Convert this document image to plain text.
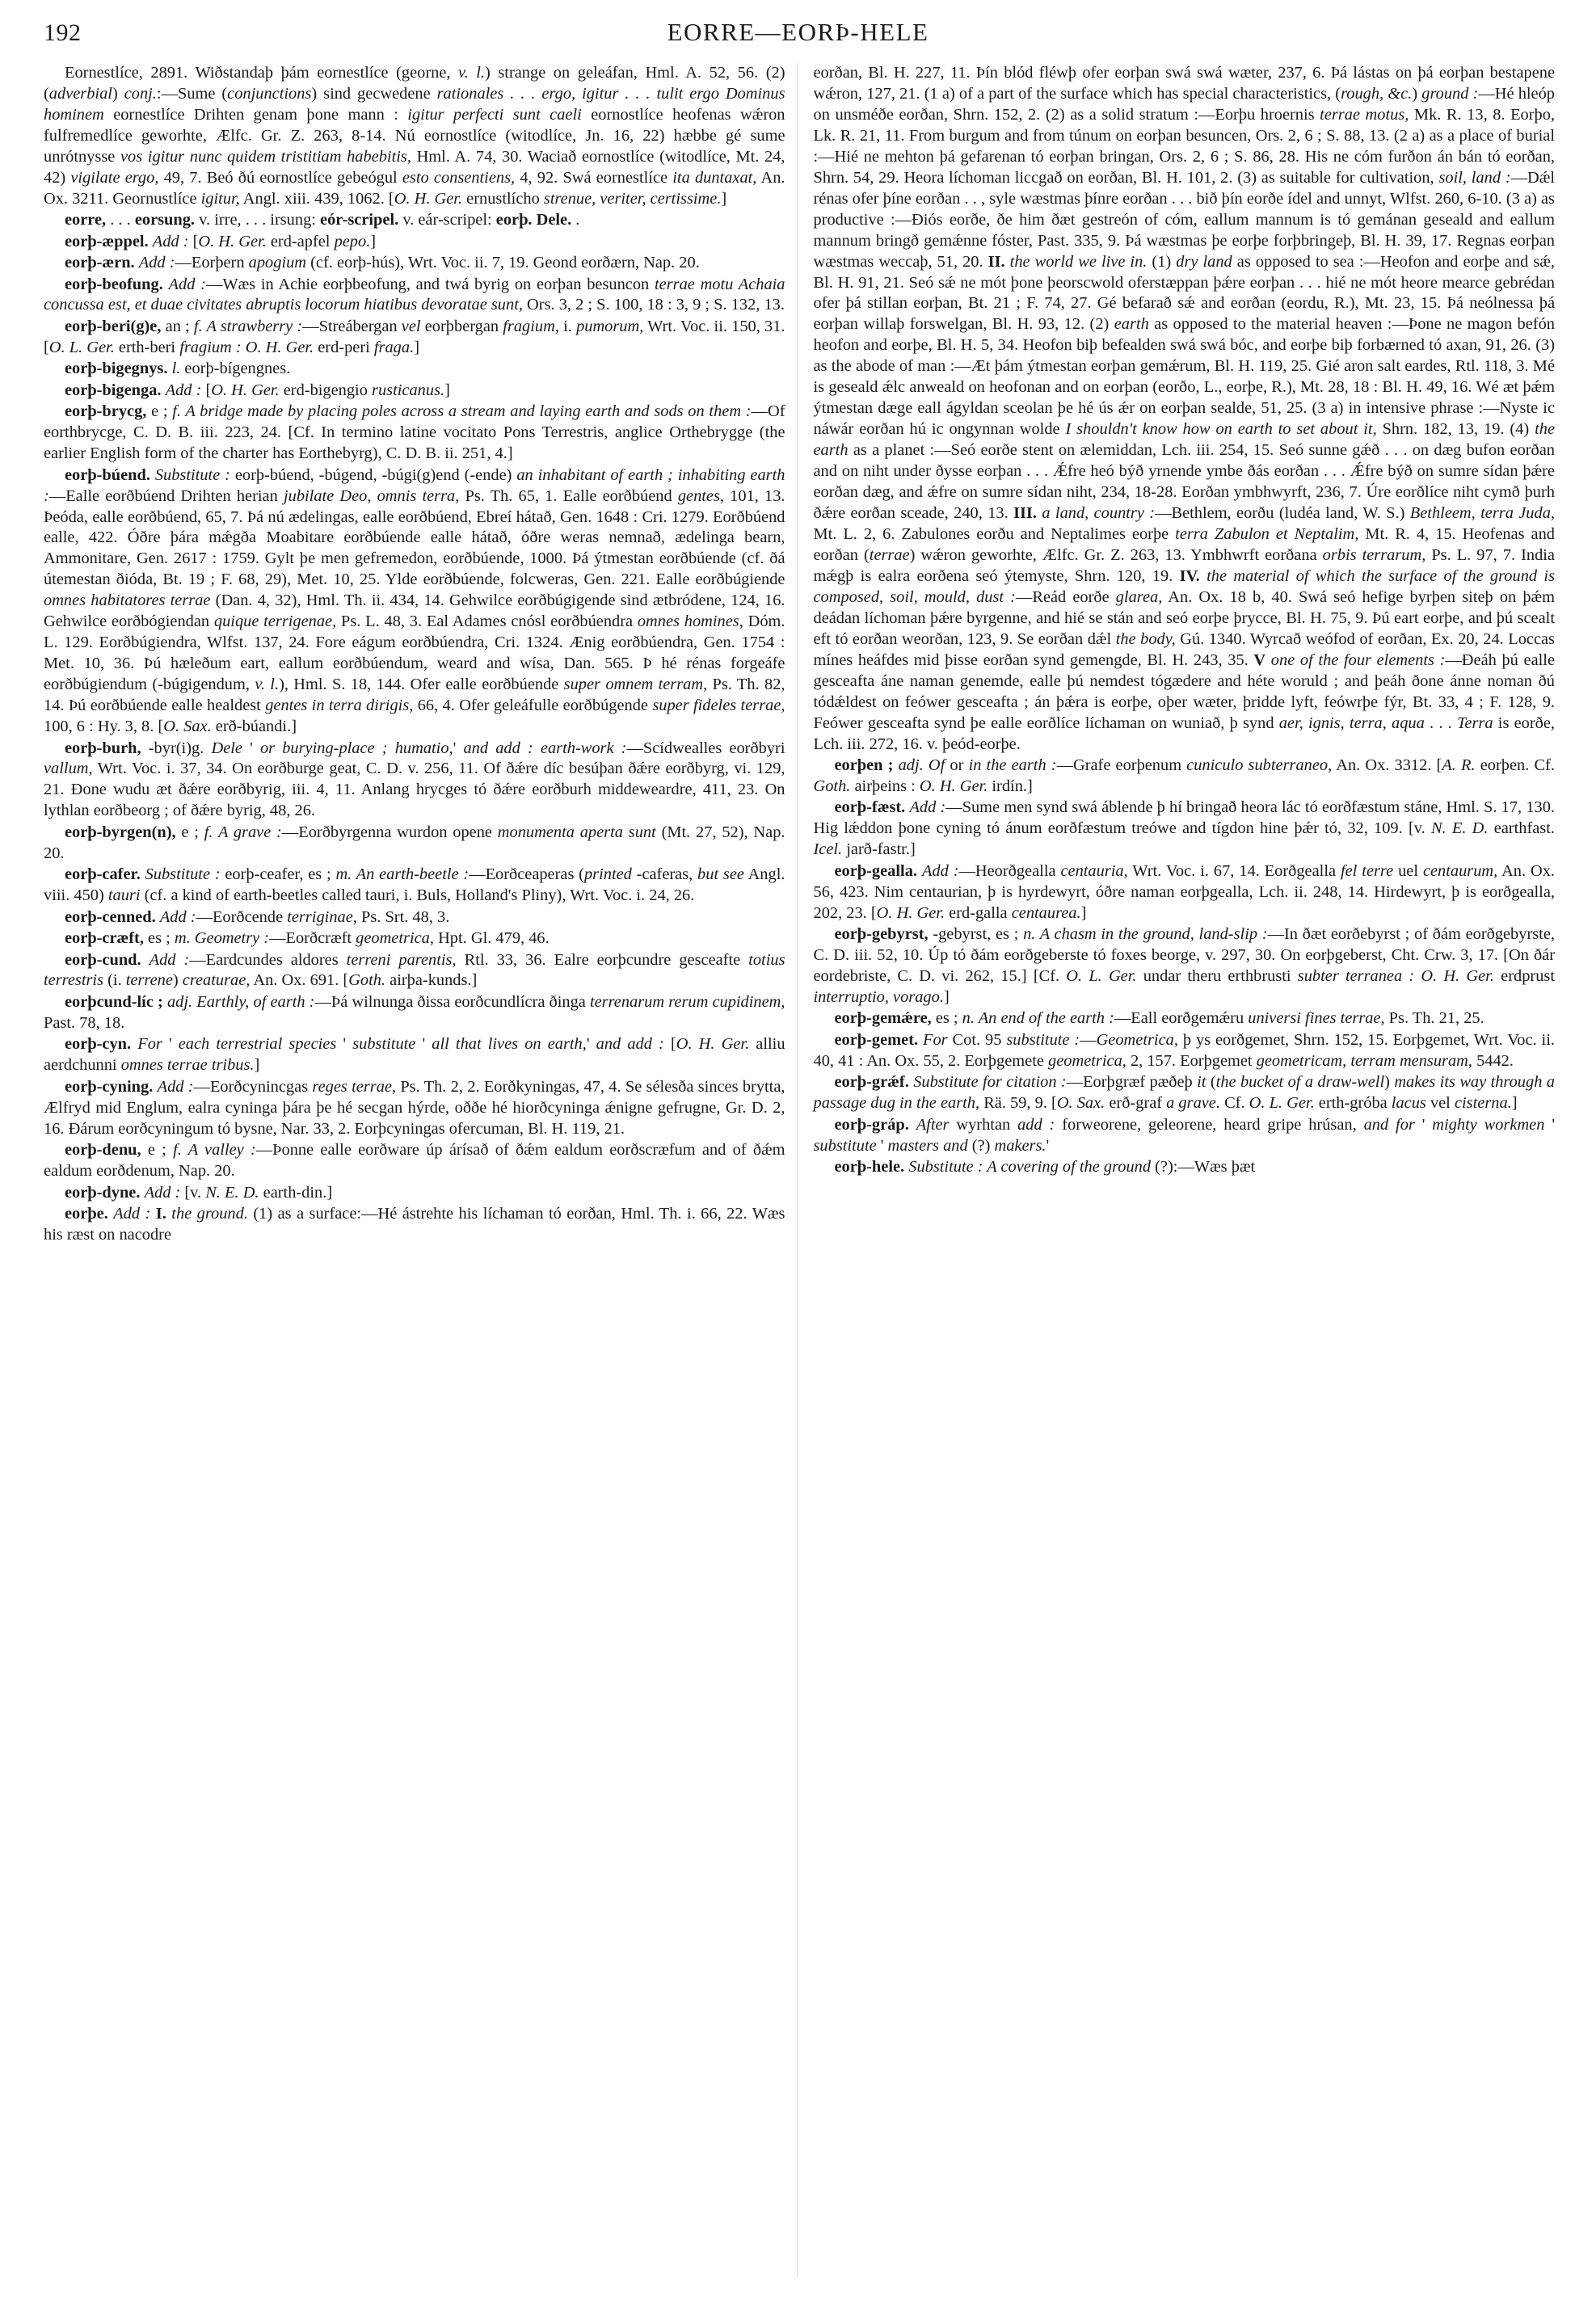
192	EORRE—EORÞ-HELE

Eornestlíce, 2891. Wiðstandaþ þám eornestlíce (georne, v. l.) strange on geleáfan, Hml. A. 52, 56. (2) (adverbial) conj.:—Sume (conjunctions) sind gecwedene rationales . . . ergo, igitur . . . tulit ergo Dominus hominem eornestlíce Drihten genam þone mann : igitur perfecti sunt caeli eornostlíce heofenas wǽron fulfremedlíce geworhte, Ælfc. Gr. Z. 263, 8-14. Nú eornostlíce (witodlíce, Jn. 16, 22) hæbbe gé sume unrótnysse vos igitur nunc quidem tristitiam habebitis, Hml. A. 74, 30. Waciað eornostlíce (witodlíce, Mt. 24, 42) vigilate ergo, 49, 7. Beó ðú eornostlíce gebeógul esto consentiens, 4, 92. Swá eornestlíce ita duntaxat, An. Ox. 3211. Geornustlíce igitur, Angl. xiii. 439, 1062. [O. H. Ger. ernustlícho strenue, veriter, certissime.]

eorre, . . . eorsung. v. irre, . . . irsung: eór-scripel. v. eár-scripel: eorþ. Dele. .

eorþ-æppel. Add : [O. H. Ger. erd-apfel pepo.]

eorþ-ærn. Add :—Eorþern apogium (cf. eorþ-hús), Wrt. Voc. ii. 7, 19. Geond eorðærn, Nap. 20.

eorþ-beofung. Add :—Wæs in Achie eorþbeofung, and twá byrig on eorþan besuncon terrae motu Achaia concussa est, et duae civitates abruptis locorum hiatibus devoratae sunt, Ors. 3, 2 ; S. 100, 18 : 3, 9 ; S. 132, 13.

eorþ-beri(g)e, an ; f. A strawberry :—Streábergan vel eorþbergan fragium, i. pumorum, Wrt. Voc. ii. 150, 31. [O. L. Ger. erth-beri fragium : O. H. Ger. erd-peri fraga.]

eorþ-bigegnys. l. eorþ-bígengnes.

eorþ-bigenga. Add : [O. H. Ger. erd-bigengio rusticanus.]

eorþ-brycg, e ; f. A bridge made by placing poles across a stream and laying earth and sods on them :—Of eorthbrycge, C. D. B. iii. 223, 24. [Cf. In termino latine vocitato Pons Terrestris, anglice Orthebrygge (the earlier English form of the charter has Eorthebyrg), C. D. B. ii. 251, 4.]

eorþ-búend. Substitute : eorþ-búend, -búgend, -búgi(g)end (-ende) an inhabitant of earth ; inhabiting earth :—Ealle eorðbúend Drihten herian jubilate Deo, omnis terra, Ps. Th. 65, 1. Ealle eorðbúend gentes, 101, 13. Þeóda, ealle eorðbúend, 65, 7. Þá nú ædelingas, ealle eorðbúend, Ebreí hátað, Gen. 1648 : Cri. 1279. Eorðbúend ealle, 422. Óðre þára mǽgða Moabitare eorðbúende ealle hátað, óðre weras nemnað, ædelinga bearn, Ammonitare, Gen. 2617 : 1759. Gylt þe men gefremedon, eorðbúende, 1000. Þá ýtmestan eorðbúende (cf. ðá útemestan ðióda, Bt. 19 ; F. 68, 29), Met. 10, 25. Ylde eorðbúende, folcweras, Gen. 221. Ealle eorðbúgiende omnes habitatores terrae (Dan. 4, 32), Hml. Th. ii. 434, 14. Gehwilce eorðbúgigende sind ætbródene, 124, 16. Gehwilce eorðbógiendan quique terrigenae, Ps. L. 48, 3. Eal Adames cnósl eorðbúendra omnes homines, Dóm. L. 129. Eorðbúgiendra, Wlfst. 137, 24. Fore eágum eorðbúendra, Cri. 1324. Ænig eorðbúendra, Gen. 1754 : Met. 10, 36. Þú hæleðum eart, eallum eorðbúendum, weard and wísa, Dan. 565. Þ hé rénas forgeáfe eorðbúgiendum (-búgigendum, v. l.), Hml. S. 18, 144. Ofer ealle eorðbúende super omnem terram, Ps. Th. 82, 14. Þú eorðbúende ealle healdest gentes in terra dirigis, 66, 4. Ofer geleáfulle eorðbúgende super fideles terrae, 100, 6 : Hy. 3, 8. [O. Sax. erð-búandi.]

eorþ-burh, -byr(i)g. Dele ' or burying-place ; humatio,' and add : earth-work :—Scídwealles eorðbyri vallum, Wrt. Voc. i. 37, 34. On eorðburge geat, C. D. v. 256, 11. Of ðǽre díc besúþan ðǽre eorðbyrg, vi. 129, 21. Ðone wudu æt ðǽre eorðbyrig, iii. 4, 11. Anlang hrycges tó ðǽre eorðburh middeweardre, 411, 23. On lythlan eorðbeorg ; of ðǽre byrig, 48, 26.

eorþ-byrgen(n), e ; f. A grave :—Eorðbyrgenna wurdon opene monumenta aperta sunt (Mt. 27, 52), Nap. 20.

eorþ-cafer. Substitute : eorþ-ceafer, es ; m. An earth-beetle :—Eorðceaperas (printed -caferas, but see Angl. viii. 450) tauri (cf. a kind of earth-beetles called tauri, i. Buls, Holland's Pliny), Wrt. Voc. i. 24, 26.

eorþ-cenned. Add :—Eorðcende terriginae, Ps. Srt. 48, 3.

eorþ-cræft, es ; m. Geometry :—Eorðcræft geometrica, Hpt. Gl. 479, 46.

eorþ-cund. Add :—Eardcundes aldores terreni parentis, Rtl. 33, 36. Ealre eorþcundre gesceafte totius terrestris (i. terrene) creaturae, An. Ox. 691. [Goth. airþa-kunds.]

eorþcund-líc ; adj. Earthly, of earth :—Þá wilnunga ðissa eorðcundlícra ðinga terrenarum rerum cupidinem, Past. 78, 18.

eorþ-cyn. For ' each terrestrial species ' substitute ' all that lives on earth,' and add : [O. H. Ger. alliu aerdchunni omnes terrae tribus.]

eorþ-cyning. Add :—Eorðcynincgas reges terrae, Ps. Th. 2, 2. Eorðkyningas, 47, 4. Se sélesða sinces brytta, Ælfryd mid Englum, ealra cyninga þára þe hé secgan hýrde, oððe hé hiorðcyninga ǽnigne gefrugne, Gr. D. 2, 16. Ðárum eorðcyningum tó bysne, Nar. 33, 2. Eorþcyningas ofercuman, Bl. H. 119, 21.

eorþ-denu, e ; f. A valley :—Þonne ealle eorðware úp árísað of ðǽm ealdum eorðscræfum and of ðǽm ealdum eorðdenum, Nap. 20.

eorþ-dyne. Add : [v. N. E. D. earth-din.]

eorþe. Add : I. the ground. (1) as a surface:—Hé ástrehte his líchaman tó eorðan, Hml. Th. i. 66, 22. Wæs his ræst on nacodre

eorðan, Bl. H. 227, 11. Þín blód fléwþ ofer eorþan swá swá wæter, 237, 6. Þá lástas on þá eorþan bestapene wǽron, 127, 21. (1 a) of a part of the surface which has special characteristics, (rough, &c.) ground :—Hé hleóp on unsméðe eorðan, Shrn. 152, 2. (2) as a solid stratum :—Eorþu hroernis terrae motus, Mk. R. 13, 8. Eorþo, Lk. R. 21, 11. From burgum and from túnum on eorþan besuncen, Ors. 2, 6 ; S. 88, 13. (2 a) as a place of burial :—Hié ne mehton þá gefarenan tó eorþan bringan, Ors. 2, 6 ; S. 86, 28. His ne cóm furðon án bán tó eorðan, Shrn. 54, 29. Heora líchoman liccgað on eorðan, Bl. H. 101, 2. (3) as suitable for cultivation, soil, land :—Dǽl rénas ofer þíne eorðan . . , syle wæstmas þínre eorðan . . . bið þín eorðe ídel and unnyt, Wlfst. 260, 6-10. (3 a) as productive :—Ðiós eorðe, ðe him ðæt gestreón of cóm, eallum mannum is tó gemánan geseald and eallum mannum bringð gemǽnne fóster, Past. 335, 9. Þá wæstmas þe eorþe forþbringeþ, Bl. H. 39, 17. Regnas eorþan wæstmas weccaþ, 51, 20. II. the world we live in. (1) dry land as opposed to sea :—Heofon and eorþe and sǽ, Bl. H. 91, 21. Seó sǽ ne mót þone þeorscwold oferstæppan þǽre eorþan . . . hié ne mót heore mearce gebrédan ofer þá stillan eorþan, Bt. 21 ; F. 74, 27. Gé befarað sǽ and eorðan (eordu, R.), Mt. 23, 15. Þá neólnessa þá eorþan willaþ forswelgan, Bl. H. 93, 12. (2) earth as opposed to the material heaven :—Þone ne magon befón heofon and eorþe, Bl. H. 5, 34. Heofon biþ befealden swá swá bóc, and eorþe biþ forbærned tó axan, 91, 26. (3) as the abode of man :—Æt þám ýtmestan eorþan gemǽrum, Bl. H. 119, 25. Gié aron salt eardes, Rtl. 118, 3. Mé is geseald ǽlc anweald on heofonan and on eorþan (eorðo, L., eorþe, R.), Mt. 28, 18 : Bl. H. 49, 16. Wé æt þǽm ýtmestan dæge eall ágyldan sceolan þe hé ús ǽr on eorþan sealde, 51, 25. (3 a) in intensive phrase :—Nyste ic náwár eorðan hú ic ongynnan wolde I shouldn't know how on earth to set about it, Shrn. 182, 13, 19. (4) the earth as a planet :—Seó eorðe stent on ælemiddan, Lch. iii. 254, 15. Seó sunne gǽð . . . on dæg bufon eorðan and on niht under ðysse eorþan . . . Ǽfre heó býð yrnende ymbe ðás eorðan . . . Ǽfre býð on sumre sídan þǽre eorðan dæg, and ǽfre on sumre sídan niht, 234, 18-28. Eorðan ymbhwyrft, 236, 7. Úre eorðlíce niht cymð þurh ðǽre eorðan sceade, 240, 13. III. a land, country :—Bethlem, eorðu (ludéa land, W. S.) Bethleem, terra Juda, Mt. L. 2, 6. Zabulones eorðu and Neptalimes eorþe terra Zabulon et Neptalim, Mt. R. 4, 15. Heofenas and eorðan (terrae) wǽron geworhte, Ælfc. Gr. Z. 263, 13. Ymbhwrft eorðana orbis terrarum, Ps. L. 97, 7. India mǽgþ is ealra eorðena seó ýtemyste, Shrn. 120, 19. IV. the material of which the surface of the ground is composed, soil, mould, dust :—Reád eorðe glarea, An. Ox. 18 b, 40. Swá seó hefige byrþen siteþ on þǽm deádan líchoman þǽre byrgenne, and hié se stán and seó eorþe þrycce, Bl. H. 75, 9. Þú eart eorþe, and þú scealt eft tó eorðan weorðan, 123, 9. Se eorðan dǽl the body, Gú. 1340. Wyrcað weófod of eorðan, Ex. 20, 24. Loccas mínes heáfdes mid þisse eorðan synd gemengde, Bl. H. 243, 35. V one of the four elements :—Ðeáh þú ealle gesceafta áne naman genemde, ealle þú nemdest tógædere and héte woruld ; and þeáh ðone ánne noman ðú tódǽldest on feówer gesceafta ; án þǽra is eorþe, oþer wæter, þridde lyft, feówrþe fýr, Bt. 33, 4 ; F. 128, 9. Feówer gesceafta synd þe ealle eorðlíce líchaman on wuniað, þ synd aer, ignis, terra, aqua . . . Terra is eorðe, Lch. iii. 272, 16. v. þeód-eorþe.

eorþen ; adj. Of or in the earth :—Grafe eorþenum cuniculo subterraneo, An. Ox. 3312. [A. R. eorþen. Cf. Goth. airþeins : O. H. Ger. irdín.]

eorþ-fæst. Add :—Sume men synd swá áblende þ hí bringað heora lác tó eorðfæstum stáne, Hml. S. 17, 130. Hig lǽddon þone cyning tó ánum eorðfæstum treówe and tígdon hine þǽr tó, 32, 109. [v. N. E. D. earthfast. Icel. jarð-fastr.]

eorþ-gealla. Add :—Heorðgealla centauria, Wrt. Voc. i. 67, 14. Eorðgealla fel terre uel centaurum, An. Ox. 56, 423. Nim centaurian, þ is hyrdewyrt, óðre naman eorþgealla, Lch. ii. 248, 14. Hirdewyrt, þ is eorðgealla, 202, 23. [O. H. Ger. erd-galla centaurea.]

eorþ-gebyrst, -gebyrst, es ; n. A chasm in the ground, land-slip :—In ðæt eorðebyrst ; of ðám eorðgebyrste, C. D. iii. 52, 10. Úp tó ðám eorðgeberste tó foxes beorge, v. 297, 30. On eorþgeberst, Cht. Crw. 3, 17. [On ðár eordebriste, C. D. vi. 262, 15.] [Cf. O. L. Ger. undar theru erthbrusti subter terranea : O. H. Ger. erdprust interruptio, vorago.]

eorþ-gemǽre, es ; n. An end of the earth :—Eall eorðgemǽru universi fines terrae, Ps. Th. 21, 25.

eorþ-gemet. For Cot. 95 substitute :—Geometrica, þ ys eorðgemet, Shrn. 152, 15. Eorþgemet, Wrt. Voc. ii. 40, 41 : An. Ox. 55, 2. Eorþgemete geometrica, 2, 157. Eorþgemet geometricam, terram mensuram, 5442.

eorþ-grǽf. Substitute for citation :—Eorþgræf pæðeþ it (the bucket of a draw-well) makes its way through a passage dug in the earth, Rä. 59, 9. [O. Sax. erð-graf a grave. Cf. O. L. Ger. erth-gróba lacus vel cisterna.]

eorþ-gráp. After wyrhtan add : forweorene, geleorene, heard gripe hrúsan, and for ' mighty workmen ' substitute ' masters and (?) makers.'

eorþ-hele. Substitute : A covering of the ground (?):—Wæs þæt
